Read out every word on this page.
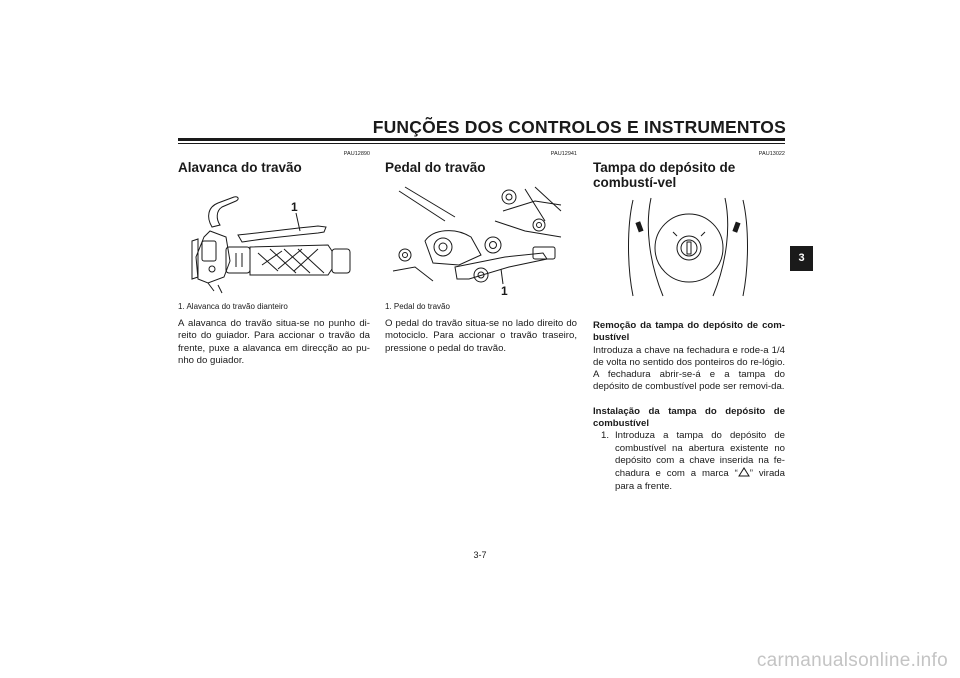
FUNÇÕES DOS CONTROLOS E INSTRUMENTOS
PAU12890
Alavanca do travão
1
1. Alavanca do travão dianteiro

A alavanca do travão situa-se no punho di-reito do guiador. Para accionar o travão da frente, puxe a alavanca em direcção ao pu-nho do guiador.

PAU12941
Pedal do travão
1
1. Pedal do travão

O pedal do travão situa-se no lado direito do motociclo. Para accionar o travão traseiro, pressione o pedal do travão.

PAU13022
Tampa do depósito de combustí-vel

Remoção da tampa do depósito de com-bustível

Introduza a chave na fechadura e rode-a 1/4 de volta no sentido dos ponteiros do re-lógio. A fechadura abrir-se-á e a tampa do depósito de combustível pode ser removi-da.

Instalação da tampa do depósito de combustível

1. Introduza a tampa do depósito de combustível na abertura existente no depósito com a chave inserida na fe-chadura e com a marca “ ” virada para a frente.
3
3-7
carmanualsonline.info
